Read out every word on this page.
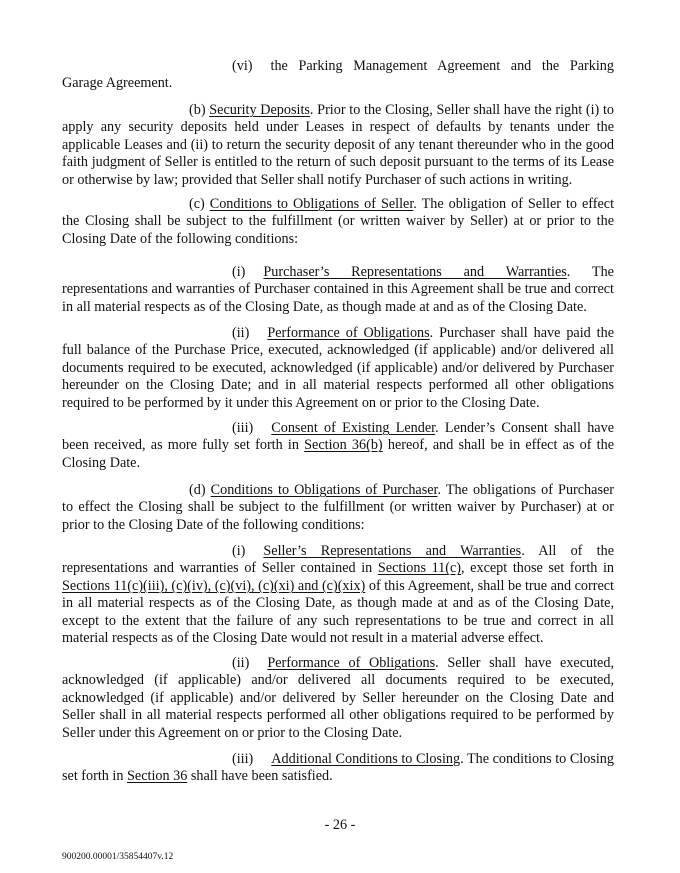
(vi) the Parking Management Agreement and the Parking Garage Agreement.
(b) Security Deposits. Prior to the Closing, Seller shall have the right (i) to apply any security deposits held under Leases in respect of defaults by tenants under the applicable Leases and (ii) to return the security deposit of any tenant thereunder who in the good faith judgment of Seller is entitled to the return of such deposit pursuant to the terms of its Lease or otherwise by law; provided that Seller shall notify Purchaser of such actions in writing.
(c) Conditions to Obligations of Seller. The obligation of Seller to effect the Closing shall be subject to the fulfillment (or written waiver by Seller) at or prior to the Closing Date of the following conditions:
(i) Purchaser’s Representations and Warranties. The representations and warranties of Purchaser contained in this Agreement shall be true and correct in all material respects as of the Closing Date, as though made at and as of the Closing Date.
(ii) Performance of Obligations. Purchaser shall have paid the full balance of the Purchase Price, executed, acknowledged (if applicable) and/or delivered all documents required to be executed, acknowledged (if applicable) and/or delivered by Purchaser hereunder on the Closing Date; and in all material respects performed all other obligations required to be performed by it under this Agreement on or prior to the Closing Date.
(iii) Consent of Existing Lender. Lender’s Consent shall have been received, as more fully set forth in Section 36(b) hereof, and shall be in effect as of the Closing Date.
(d) Conditions to Obligations of Purchaser. The obligations of Purchaser to effect the Closing shall be subject to the fulfillment (or written waiver by Purchaser) at or prior to the Closing Date of the following conditions:
(i) Seller’s Representations and Warranties. All of the representations and warranties of Seller contained in Sections 11(c), except those set forth in Sections 11(c)(iii), (c)(iv), (c)(vi), (c)(xi) and (c)(xix) of this Agreement, shall be true and correct in all material respects as of the Closing Date, as though made at and as of the Closing Date, except to the extent that the failure of any such representations to be true and correct in all material respects as of the Closing Date would not result in a material adverse effect.
(ii) Performance of Obligations. Seller shall have executed, acknowledged (if applicable) and/or delivered all documents required to be executed, acknowledged (if applicable) and/or delivered by Seller hereunder on the Closing Date and Seller shall in all material respects performed all other obligations required to be performed by Seller under this Agreement on or prior to the Closing Date.
(iii) Additional Conditions to Closing. The conditions to Closing set forth in Section 36 shall have been satisfied.
- 26 -
900200.00001/35854407v.12
